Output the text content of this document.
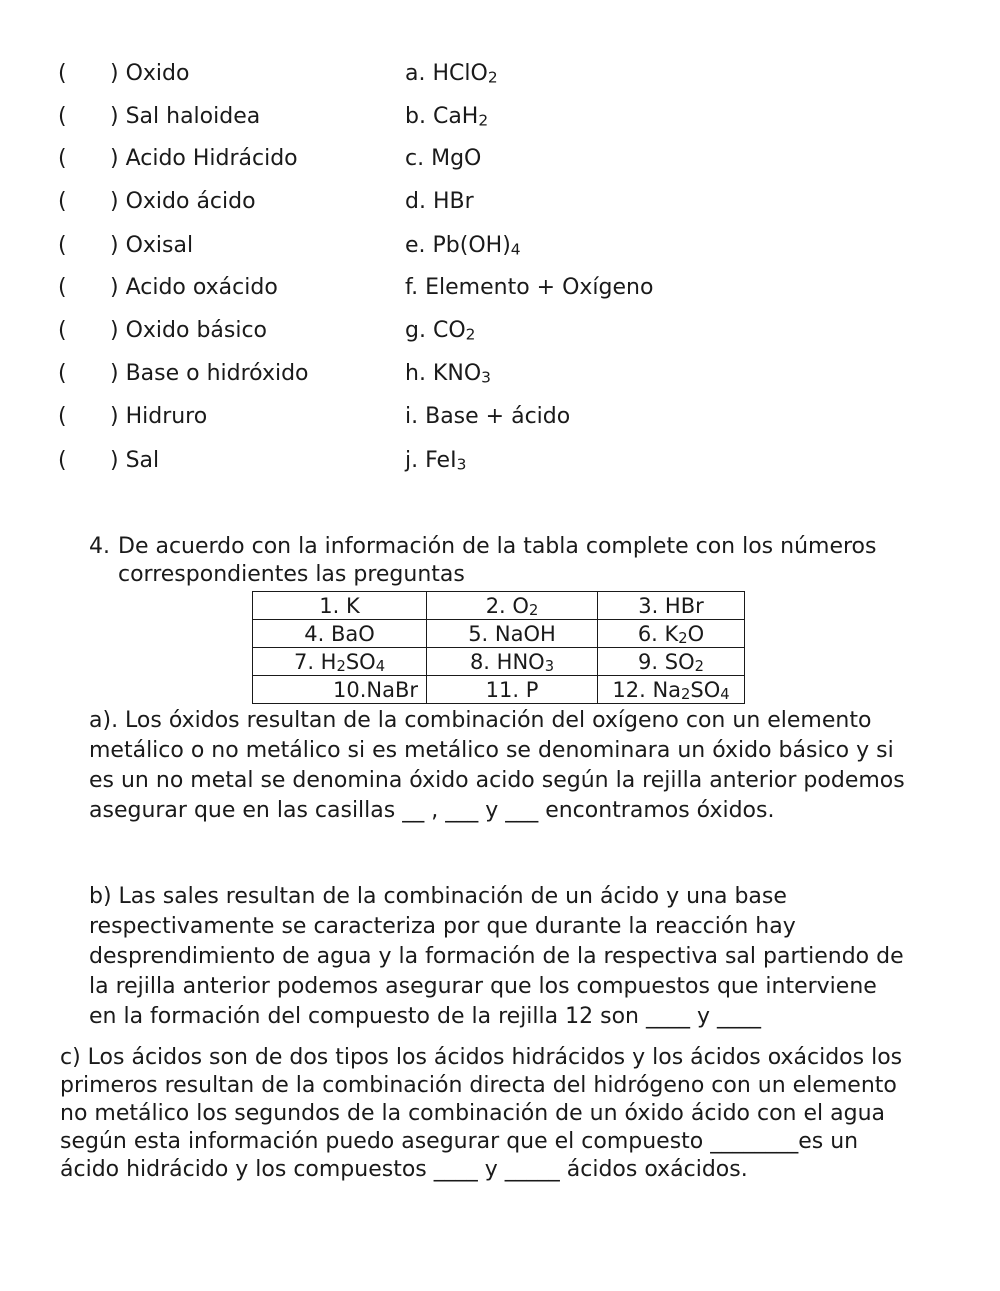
( ) Oxido	a. HClO$_2$
( ) Sal haloidea	b. CaH$_2$
( ) Acido Hidrácido	c. MgO
( ) Oxido ácido	d. HBr
( ) Oxisal	e. $Pb(OH)_4$
( ) Acido oxácido	f. Elemento + Oxígeno
( ) Oxido básico	g. $CO_2$
( ) Base o hidróxido	h. $KNO_3$
( ) Hidruro	i. Base + ácido
( ) Sal	j. FeI$_3$
4. De acuerdo con la información de la tabla complete con los números
correspondientes las preguntas
1. K	2. $O_2$	3. HBr
4. BaO	5. NaOH	6. $K_2O$
7. $H_2SO_4$	8. $HNO_3$	9. $SO_2$
10.NaBr	11. P	12. $Na_2SO_4$
a). Los óxidos resultan de la combinación del oxígeno con un elemento
metálico o no metálico si es metálico se denominara un óxido básico y si
es un no metal se denomina óxido acido según la rejilla anterior podemos
asegurar que en las casillas __ , ___ y ___ encontramos óxidos.
b) Las sales resultan de la combinación de un ácido y una base
respectivamente se caracteriza por que durante la reacción hay
desprendimiento de agua y la formación de la respectiva sal partiendo de
la rejilla anterior podemos asegurar que los compuestos que interviene
en la formación del compuesto de la rejilla 12 son ____ y ____
c) Los ácidos son de dos tipos los ácidos hidrácidos y los ácidos oxácidos los
primeros resultan de la combinación directa del hidrógeno con un elemento
no metálico los segundos de la combinación de un óxido ácido con el agua
según esta información puedo asegurar que el compuesto ________es un
ácido hidrácido y los compuestos ____ y _____ ácidos oxácidos.
